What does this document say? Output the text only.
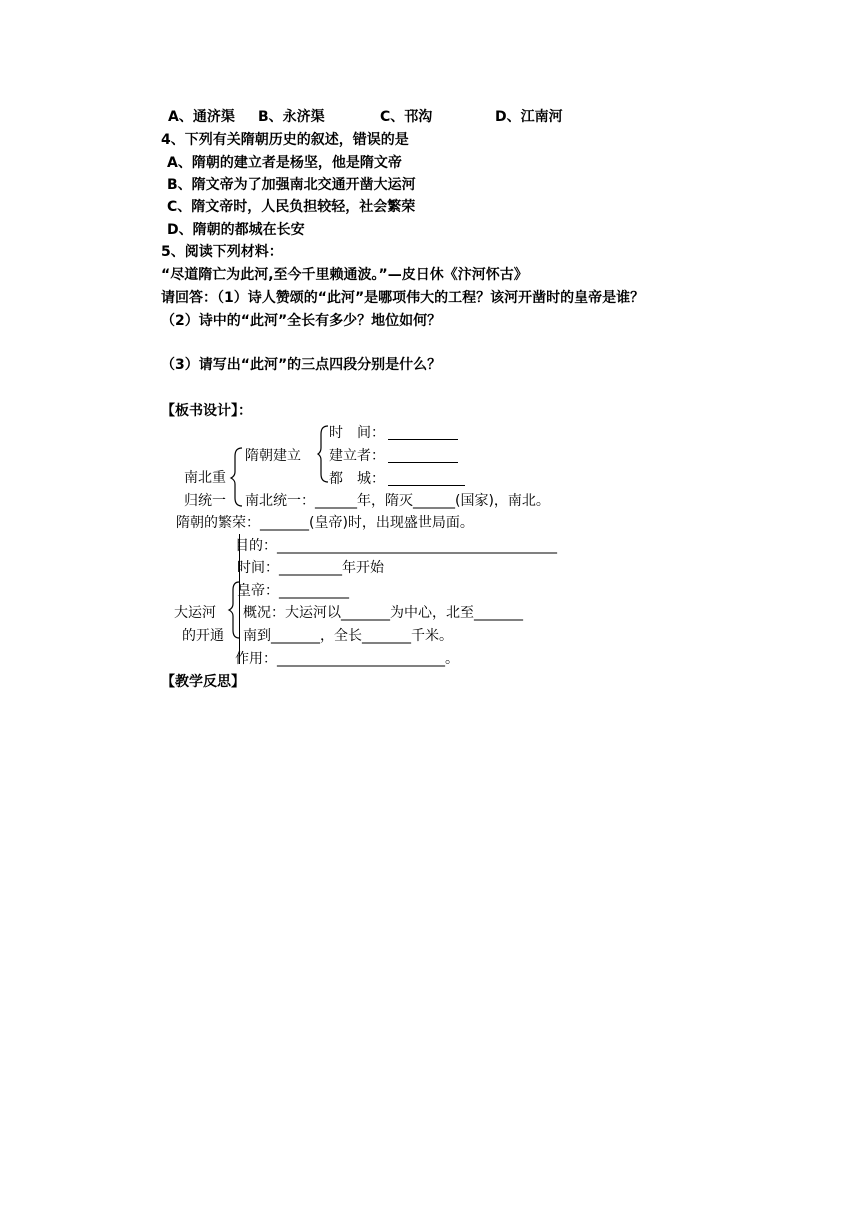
A、通济渠 B、永济渠	C、邗沟	D、江南河
4、下列有关隋朝历史的叙述，错误的是
A、隋朝的建立者是杨坚，他是隋文帝
B、隋文帝为了加强南北交通开凿大运河
C、隋文帝时，人民负担较轻，社会繁荣
D、隋朝的都城在长安
5、阅读下列材料：
“尽道隋亡为此河,至今千里赖通波。”—皮日休《汴河怀古》
请回答：（1）诗人赞颂的“此河”是哪项伟大的工程？该河开凿时的皇帝是谁？
（2）诗中的“此河”全长有多少？地位如何？
（3）请写出“此河”的三点四段分别是什么？
【板书设计】：
时　间：
隋朝建立 建立者：
都　城：
南北重
归统一 南北统一：______年，隋灭______(国家)，南北。
隋朝的繁荣：_______(皇帝)时，出现盛世局面。
目的：________________________________________
时间：_________年开始
皇帝：__________
大运河
的开通
概况：大运河以_______为中心，北至_______
南到_______，全长_______千米。
作用：________________________。
【教学反思】
